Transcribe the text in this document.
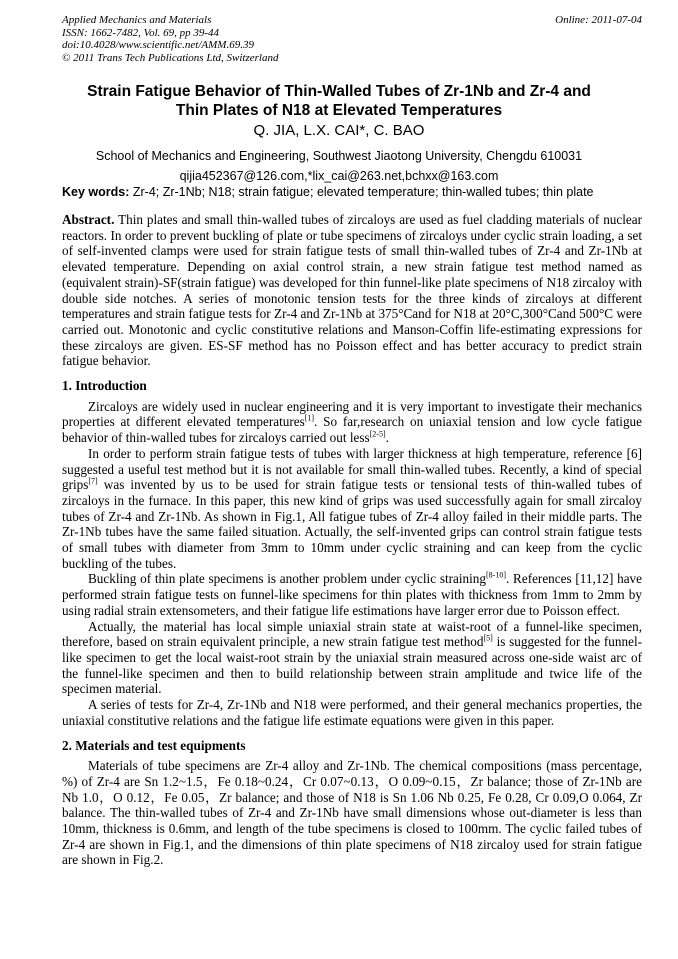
Applied Mechanics and Materials
ISSN: 1662-7482, Vol. 69, pp 39-44
doi:10.4028/www.scientific.net/AMM.69.39
© 2011 Trans Tech Publications Ltd, Switzerland
Online: 2011-07-04
Strain Fatigue Behavior of Thin-Walled Tubes of Zr-1Nb and Zr-4 and
Thin Plates of N18 at Elevated Temperatures
Q. JIA, L.X. CAI*, C. BAO
School of Mechanics and Engineering, Southwest Jiaotong University, Chengdu 610031
qijia452367@126.com,*lix_cai@263.net,bchxx@163.com
Key words: Zr-4; Zr-1Nb; N18; strain fatigue; elevated temperature; thin-walled tubes; thin plate

Abstract. Thin plates and small thin-walled tubes of zircaloys are used as fuel cladding materials of nuclear reactors. In order to prevent buckling of plate or tube specimens of zircaloys under cyclic strain loading, a set of self-invented clamps were used for strain fatigue tests of small thin-walled tubes of Zr-4 and Zr-1Nb at elevated temperature. Depending on axial control strain, a new strain fatigue test method named as (equivalent strain)-SF(strain fatigue) was developed for thin funnel-like plate specimens of N18 zircaloy with double side notches. A series of monotonic tension tests for the three kinds of zircaloys at different temperatures and strain fatigue tests for Zr-4 and Zr-1Nb at 375°Cand for N18 at 20°C,300°Cand 500°C were carried out. Monotonic and cyclic constitutive relations and Manson-Coffin life-estimating expressions for these zircaloys are given. ES-SF method has no Poisson effect and has better accuracy to predict strain fatigue behavior.

1. Introduction

Zircaloys are widely used in nuclear engineering and it is very important to investigate their mechanics properties at different elevated temperatures[1]. So far,research on uniaxial tension and low cycle fatigue behavior of thin-walled tubes for zircaloys carried out less[2-5].

In order to perform strain fatigue tests of tubes with larger thickness at high temperature, reference [6] suggested a useful test method but it is not available for small thin-walled tubes. Recently, a kind of special grips[7] was invented by us to be used for strain fatigue tests or tensional tests of thin-walled tubes of zircaloys in the furnace. In this paper, this new kind of grips was used successfully again for small zircaloy tubes of Zr-4 and Zr-1Nb. As shown in Fig.1, All fatigue tubes of Zr-4 alloy failed in their middle parts. The Zr-1Nb tubes have the same failed situation. Actually, the self-invented grips can control strain fatigue tests of small tubes with diameter from 3mm to 10mm under cyclic straining and can keep from the cyclic buckling of the tubes.

Buckling of thin plate specimens is another problem under cyclic straining[8-10]. References [11,12] have performed strain fatigue tests on funnel-like specimens for thin plates with thickness from 1mm to 2mm by using radial strain extensometers, and their fatigue life estimations have larger error due to Poisson effect.

Actually, the material has local simple uniaxial strain state at waist-root of a funnel-like specimen, therefore, based on strain equivalent principle, a new strain fatigue test method[5] is suggested for the funnel-like specimen to get the local waist-root strain by the uniaxial strain measured across one-side waist arc of the funnel-like specimen and then to build relationship between strain amplitude and twice life of the specimen material.

A series of tests for Zr-4, Zr-1Nb and N18 were performed, and their general mechanics properties, the uniaxial constitutive relations and the fatigue life estimate equations were given in this paper.

2. Materials and test equipments

Materials of tube specimens are Zr-4 alloy and Zr-1Nb. The chemical compositions (mass percentage, %) of Zr-4 are Sn 1.2~1.5，Fe 0.18~0.24，Cr 0.07~0.13，O 0.09~0.15，Zr balance; those of Zr-1Nb are Nb 1.0，O 0.12，Fe 0.05，Zr balance; and those of N18 is Sn 1.06 Nb 0.25, Fe 0.28, Cr 0.09,O 0.064, Zr balance. The thin-walled tubes of Zr-4 and Zr-1Nb have small dimensions whose out-diameter is less than 10mm, thickness is 0.6mm, and length of the tube specimens is closed to 100mm. The cyclic failed tubes of Zr-4 are shown in Fig.1, and the dimensions of thin plate specimens of N18 zircaloy used for strain fatigue are shown in Fig.2.
